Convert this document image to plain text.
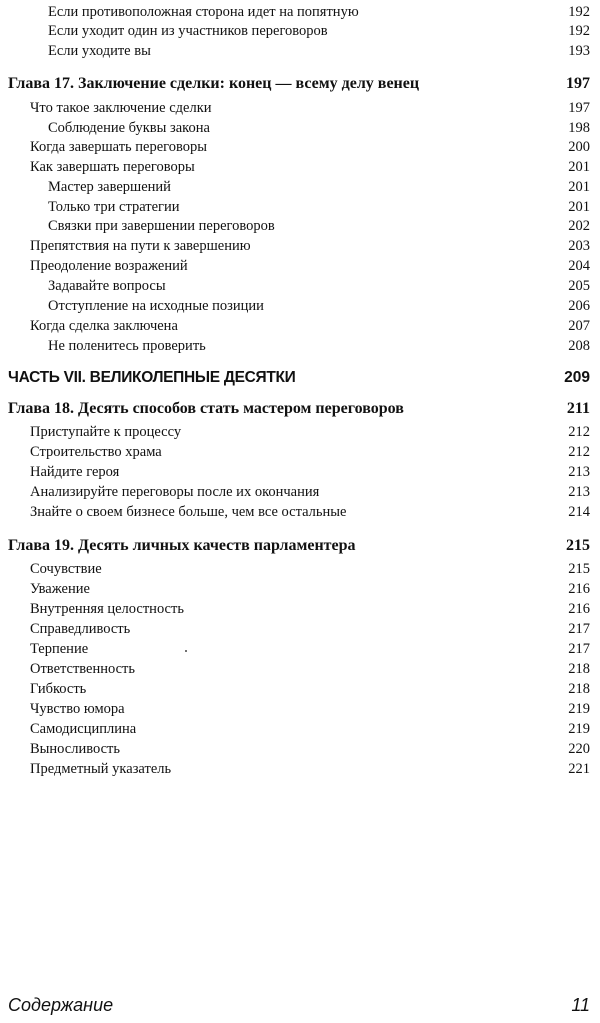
Если противоположная сторона идет на попятную	192
Если уходит один из участников переговоров	192
Если уходите вы	193
Глава 17. Заключение сделки: конец — всему делу венец	197
Что такое заключение сделки	197
Соблюдение буквы закона	198
Когда завершать переговоры	200
Как завершать переговоры	201
Мастер завершений	201
Только три стратегии	201
Связки при завершении переговоров	202
Препятствия на пути к завершению	203
Преодоление возражений	204
Задавайте вопросы	205
Отступление на исходные позиции	206
Когда сделка заключена	207
Не поленитесь проверить	208
ЧАСТЬ VII. ВЕЛИКОЛЕПНЫЕ ДЕСЯТКИ	209
Глава 18. Десять способов стать мастером переговоров	211
Приступайте к процессу	212
Строительство храма	212
Найдите героя	213
Анализируйте переговоры после их окончания	213
Знайте о своем бизнесе больше, чем все остальные	214
Глава 19. Десять личных качеств парламентера	215
Сочувствие	215
Уважение	216
Внутренняя целостность	216
Справедливость	217
Терпение	217
Ответственность	218
Гибкость	218
Чувство юмора	219
Самодисциплина	219
Выносливость	220
Предметный указатель	221
Содержание	11
